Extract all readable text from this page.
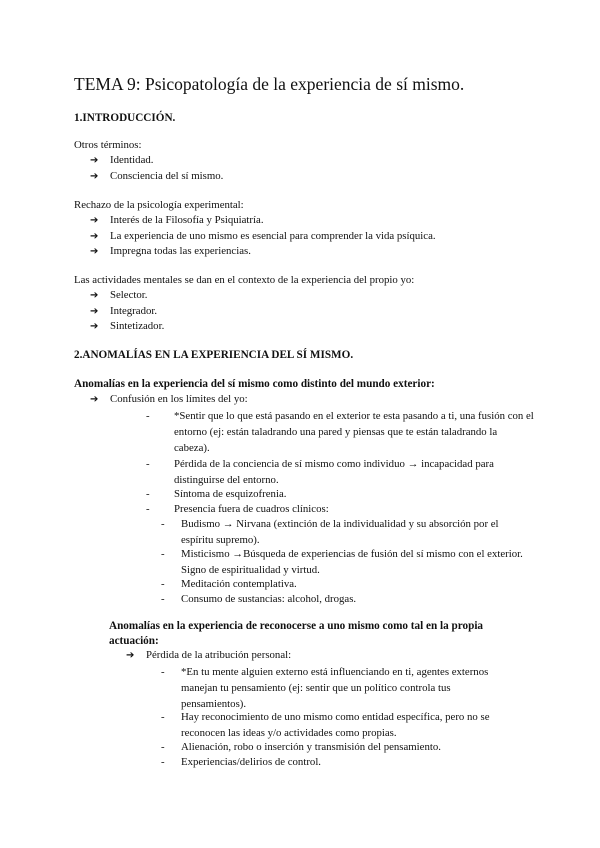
TEMA 9: Psicopatología de la experiencia de sí mismo.
1.INTRODUCCIÓN.
Otros términos:
➔ Identidad.
➔ Consciencia del sí mismo.
Rechazo de la psicología experimental:
➔ Interés de la Filosofía y Psiquiatría.
➔ La experiencia de uno mismo es esencial para comprender la vida psíquica.
➔ Impregna todas las experiencias.
Las actividades mentales se dan en el contexto de la experiencia del propio yo:
➔ Selector.
➔ Integrador.
➔ Sintetizador.
2.ANOMALÍAS EN LA EXPERIENCIA DEL SÍ MISMO.
Anomalías en la experiencia del sí mismo como distinto del mundo exterior:
➔ Confusión en los límites del yo:
- *Sentir que lo que está pasando en el exterior te esta pasando a ti, una fusión con el entorno (ej: están taladrando una pared y piensas que te están taladrando la cabeza).
- Pérdida de la conciencia de sí mismo como individuo → incapacidad para distinguirse del entorno.
- Síntoma de esquizofrenia.
- Presencia fuera de cuadros clínicos:
- Budismo → Nirvana (extinción de la individualidad y su absorción por el espíritu supremo).
- Misticismo →Búsqueda de experiencias de fusión del sí mismo con el exterior. Signo de espiritualidad y virtud.
- Meditación contemplativa.
- Consumo de sustancias: alcohol, drogas.
Anomalías en la experiencia de reconocerse a uno mismo como tal en la propia actuación:
➔ Pérdida de la atribución personal:
- *En tu mente alguien externo está influenciando en ti, agentes externos manejan tu pensamiento (ej: sentir que un político controla tus pensamientos).
- Hay reconocimiento de uno mismo como entidad específica, pero no se reconocen las ideas y/o actividades como propias.
- Alienación, robo o inserción y transmisión del pensamiento.
- Experiencias/delirios de control.
